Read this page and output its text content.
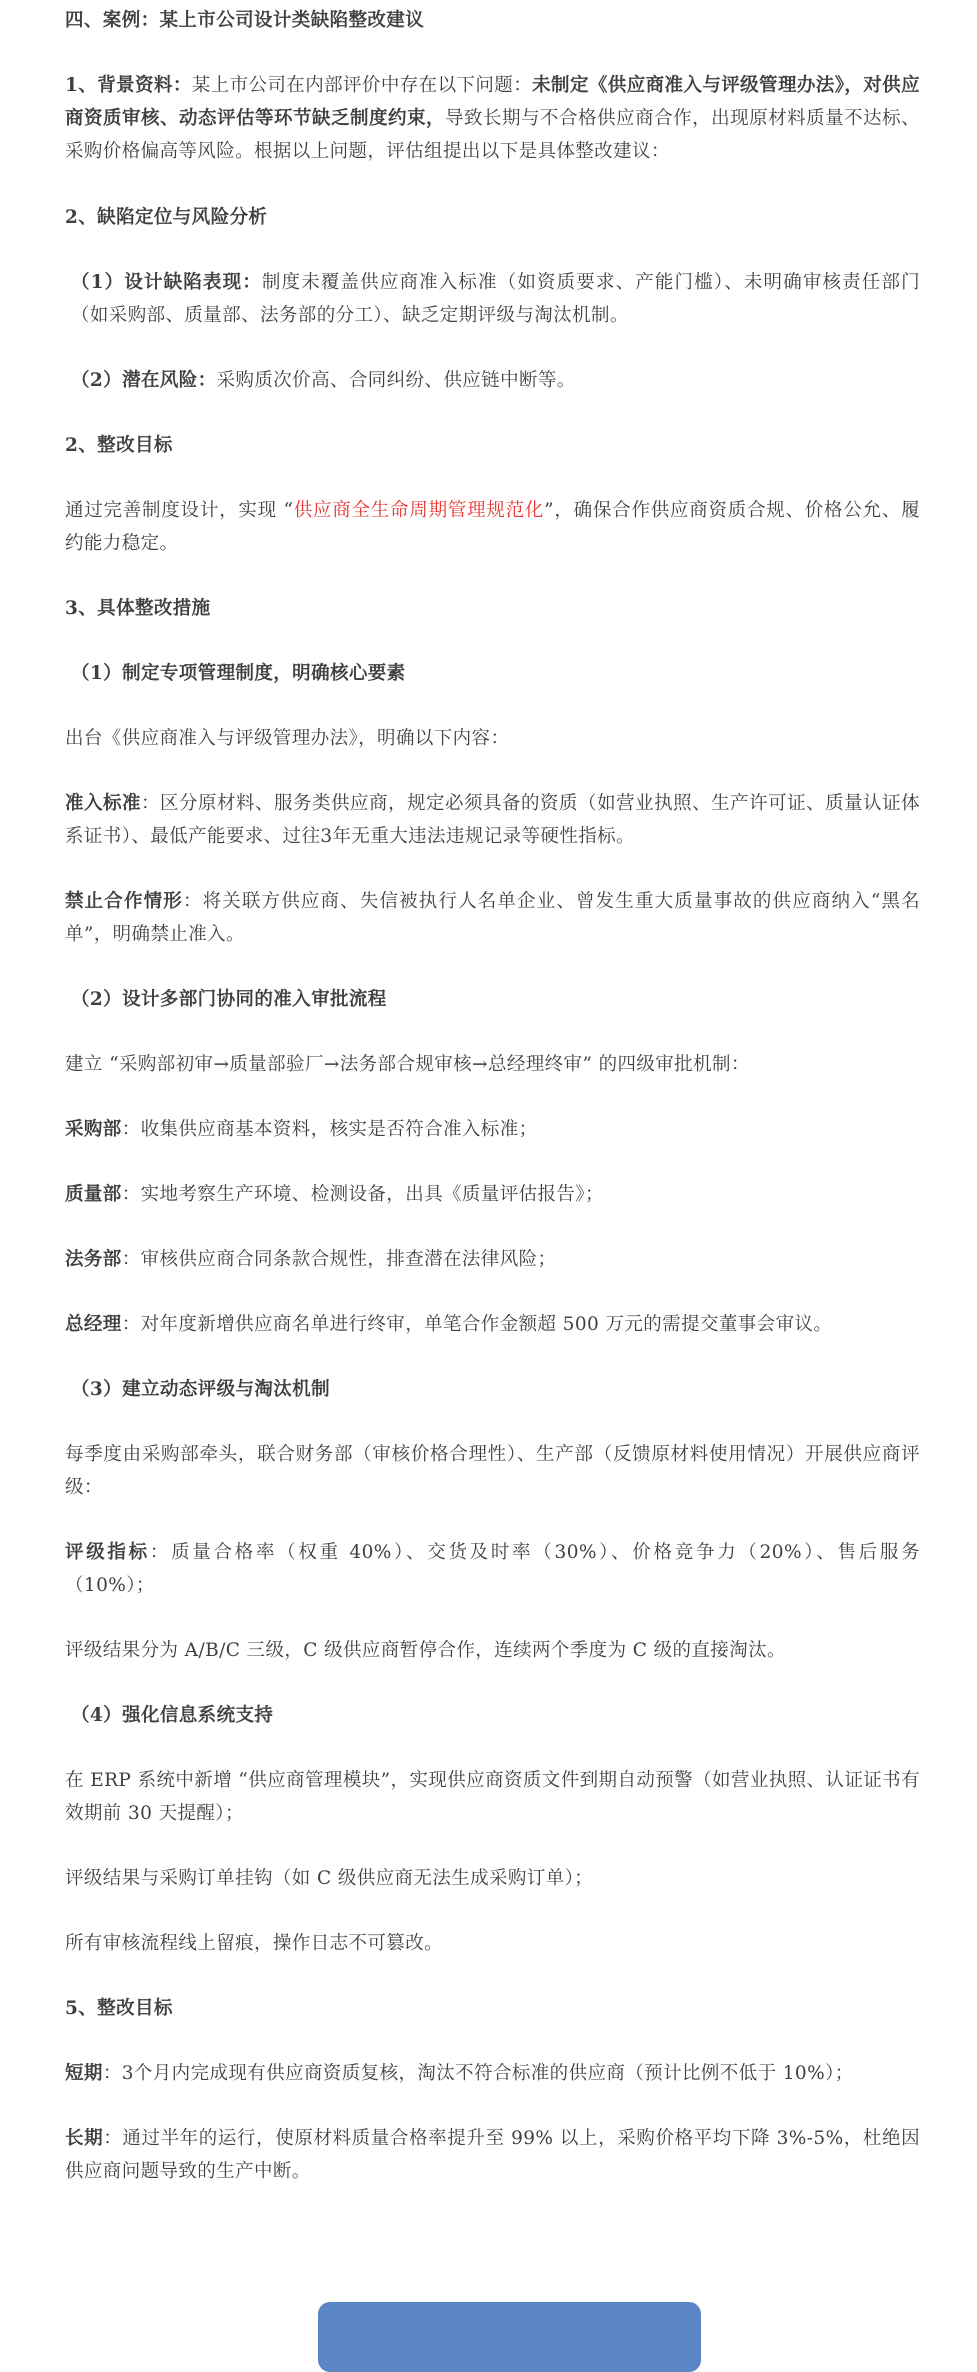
四、案例：某上市公司设计类缺陷整改建议

1、背景资料：某上市公司在内部评价中存在以下问题：未制定《供应商准入与评级管理办法》，对供应商资质审核、动态评估等环节缺乏制度约束，导致长期与不合格供应商合作，出现原材料质量不达标、采购价格偏高等风险。根据以上问题，评估组提出以下是具体整改建议：

2、缺陷定位与风险分析

（1）设计缺陷表现：制度未覆盖供应商准入标准（如资质要求、产能门槛）、未明确审核责任部门（如采购部、质量部、法务部的分工）、缺乏定期评级与淘汰机制。

（2）潜在风险：采购质次价高、合同纠纷、供应链中断等。

2、整改目标

通过完善制度设计，实现 “供应商全生命周期管理规范化”，确保合作供应商资质合规、价格公允、履约能力稳定。

3、具体整改措施

（1）制定专项管理制度，明确核心要素

出台《供应商准入与评级管理办法》，明确以下内容：

准入标准：区分原材料、服务类供应商，规定必须具备的资质（如营业执照、生产许可证、质量认证体系证书）、最低产能要求、过往3年无重大违法违规记录等硬性指标。

禁止合作情形：将关联方供应商、失信被执行人名单企业、曾发生重大质量事故的供应商纳入“黑名单”，明确禁止准入。

（2）设计多部门协同的准入审批流程

建立 “采购部初审→质量部验厂→法务部合规审核→总经理终审” 的四级审批机制：

采购部：收集供应商基本资料，核实是否符合准入标准；

质量部：实地考察生产环境、检测设备，出具《质量评估报告》；

法务部：审核供应商合同条款合规性，排查潜在法律风险；

总经理：对年度新增供应商名单进行终审，单笔合作金额超 500 万元的需提交董事会审议。

（3）建立动态评级与淘汰机制

每季度由采购部牵头，联合财务部（审核价格合理性）、生产部（反馈原材料使用情况）开展供应商评级：

评级指标：质量合格率（权重 40%）、交货及时率（30%）、价格竞争力（20%）、售后服务（10%）；

评级结果分为 A/B/C 三级，C 级供应商暂停合作，连续两个季度为 C 级的直接淘汰。

（4）强化信息系统支持

在 ERP 系统中新增 “供应商管理模块”，实现供应商资质文件到期自动预警（如营业执照、认证证书有效期前 30 天提醒）；

评级结果与采购订单挂钩（如 C 级供应商无法生成采购订单）；

所有审核流程线上留痕，操作日志不可篡改。

5、整改目标

短期：3个月内完成现有供应商资质复核，淘汰不符合标准的供应商（预计比例不低于 10%）；

长期：通过半年的运行，使原材料质量合格率提升至 99% 以上，采购价格平均下降 3%-5%，杜绝因供应商问题导致的生产中断。
